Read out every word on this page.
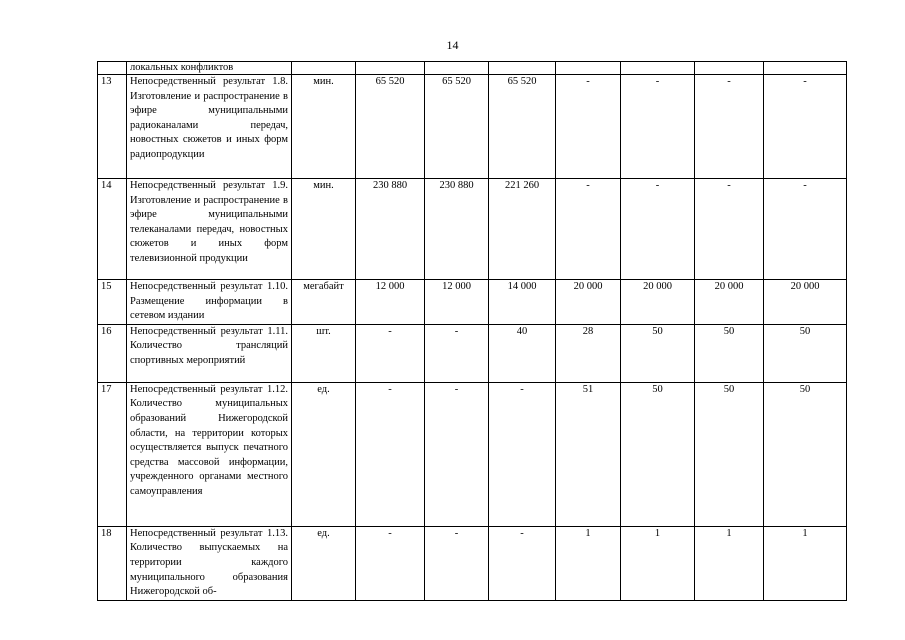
14
	локальных конфликтов								
13	Непосредственный результат 1.8. Изготовление и распространение в эфире муниципальными радиоканалами передач, новостных сюжетов и иных форм радиопродукции	мин.	65 520	65 520	65 520	-	-	-	-
14	Непосредственный результат 1.9. Изготовление и распространение в эфире муниципальными телеканалами передач, новостных сюжетов и иных форм телевизионной продукции	мин.	230 880	230 880	221 260	-	-	-	-
15	Непосредственный результат 1.10. Размещение информации в сетевом издании	мегабайт	12 000	12 000	14 000	20 000	20 000	20 000	20 000
16	Непосредственный результат 1.11. Количество трансляций спортивных мероприятий	шт.	-	-	40	28	50	50	50
17	Непосредственный результат 1.12. Количество муниципальных образований Нижегородской области, на территории которых осуществляется выпуск печатного средства массовой информации, учрежденного органами местного самоуправления	ед.	-	-	-	51	50	50	50
18	Непосредственный результат 1.13. Количество выпускаемых на территории каждого муниципального образования Нижегородской об-	ед.	-	-	-	1	1	1	1
